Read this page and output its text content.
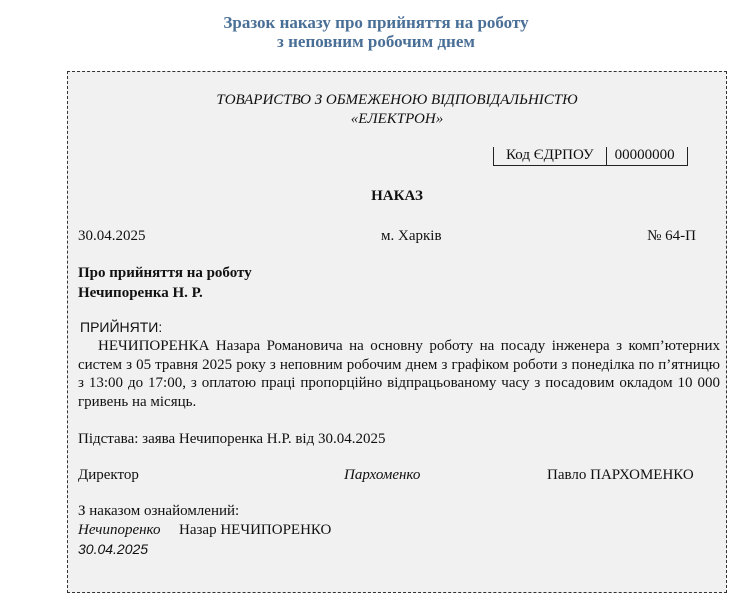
Зразок наказу про прийняття на роботу
з неповним робочим днем
ТОВАРИСТВО З ОБМЕЖЕНОЮ ВІДПОВІДАЛЬНІСТЮ
«ЕЛЕКТРОН»
Код ЄДРПОУ	00000000
НАКАЗ
30.04.2025	м. Харків	№ 64-П
Про прийняття на роботу
Нечипоренка Н. Р.
ПРИЙНЯТИ:
НЕЧИПОРЕНКА Назара Романовича на основну роботу на посаду інженера з комп’ютерних систем з 05 травня 2025 року з неповним робочим днем з графіком роботи з понеділка по п’ятницю з 13:00 до 17:00, з оплатою праці пропорційно відпрацьованому часу з посадовим окладом 10 000 гривень на місяць.
Підстава: заява Нечипоренка Н.Р. від 30.04.2025
Директор	Пархоменко	Павло ПАРХОМЕНКО
З наказом ознайомлений:
Нечипоренко Назар НЕЧИПОРЕНКО
30.04.2025
